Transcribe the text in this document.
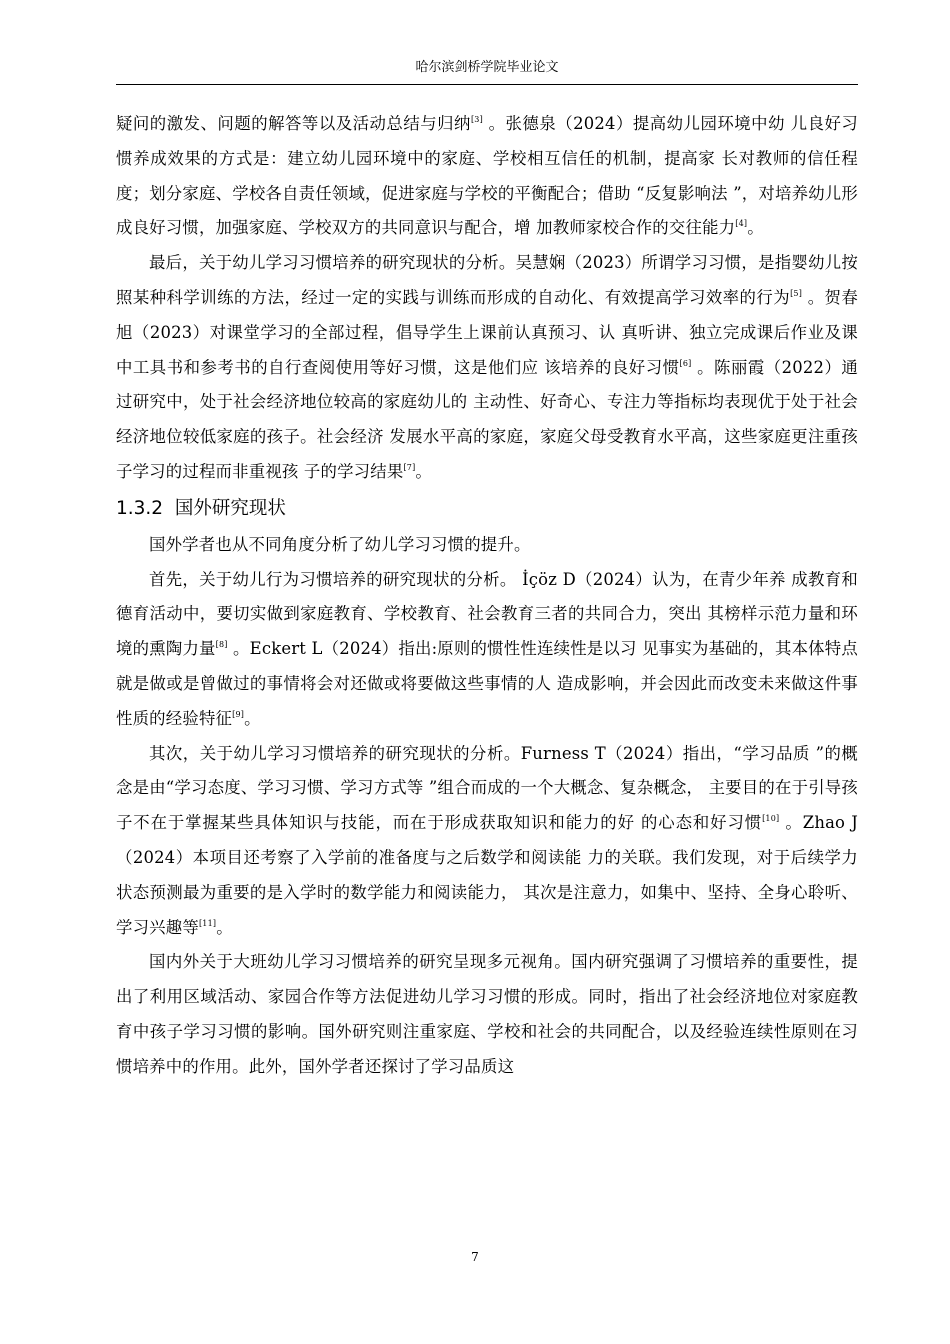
哈尔滨剑桥学院毕业论文

疑问的激发、问题的解答等以及活动总结与归纳[3] 。张德泉（2024）提高幼儿园环境中幼 儿良好习惯养成效果的方式是：建立幼儿园环境中的家庭、学校相互信任的机制，提高家 长对教师的信任程度；划分家庭、学校各自责任领域，促进家庭与学校的平衡配合；借助 “反复影响法 ”，对培养幼儿形成良好习惯，加强家庭、学校双方的共同意识与配合，增 加教师家校合作的交往能力[4]。

最后，关于幼儿学习习惯培养的研究现状的分析。吴慧娴（2023）所谓学习习惯，是指婴幼儿按照某种科学训练的方法，经过一定的实践与训练而形成的自动化、有效提高学习效率的行为[5] 。贺春旭（2023）对课堂学习的全部过程，倡导学生上课前认真预习、认 真听讲、独立完成课后作业及课中工具书和参考书的自行查阅使用等好习惯，这是他们应 该培养的良好习惯[6] 。陈丽霞（2022）通过研究中，处于社会经济地位较高的家庭幼儿的 主动性、好奇心、专注力等指标均表现优于处于社会经济地位较低家庭的孩子。社会经济 发展水平高的家庭，家庭父母受教育水平高，这些家庭更注重孩子学习的过程而非重视孩 子的学习结果[7]。

1.3.2 国外研究现状

国外学者也从不同角度分析了幼儿学习习惯的提升。

首先，关于幼儿行为习惯培养的研究现状的分析。 İçöz D（2024）认为，在青少年养 成教育和德育活动中，要切实做到家庭教育、学校教育、社会教育三者的共同合力，突出 其榜样示范力量和环境的熏陶力量[8] 。Eckert L（2024）指出:原则的惯性性连续性是以习 见事实为基础的，其本体特点就是做或是曾做过的事情将会对还做或将要做这些事情的人 造成影响，并会因此而改变未来做这件事性质的经验特征[9]。

其次，关于幼儿学习习惯培养的研究现状的分析。Furness T（2024）指出，“学习品质 ”的概念是由“学习态度、学习习惯、学习方式等 ”组合而成的一个大概念、复杂概念， 主要目的在于引导孩子不在于掌握某些具体知识与技能，而在于形成获取知识和能力的好 的心态和好习惯[10] 。Zhao J（2024）本项目还考察了入学前的准备度与之后数学和阅读能 力的关联。我们发现，对于后续学力状态预测最为重要的是入学时的数学能力和阅读能力， 其次是注意力，如集中、坚持、全身心聆听、学习兴趣等[11]。

国内外关于大班幼儿学习习惯培养的研究呈现多元视角。国内研究强调了习惯培养的重要性，提出了利用区域活动、家园合作等方法促进幼儿学习习惯的形成。同时，指出了社会经济地位对家庭教育中孩子学习习惯的影响。国外研究则注重家庭、学校和社会的共同配合，以及经验连续性原则在习惯培养中的作用。此外，国外学者还探讨了学习品质这

7
